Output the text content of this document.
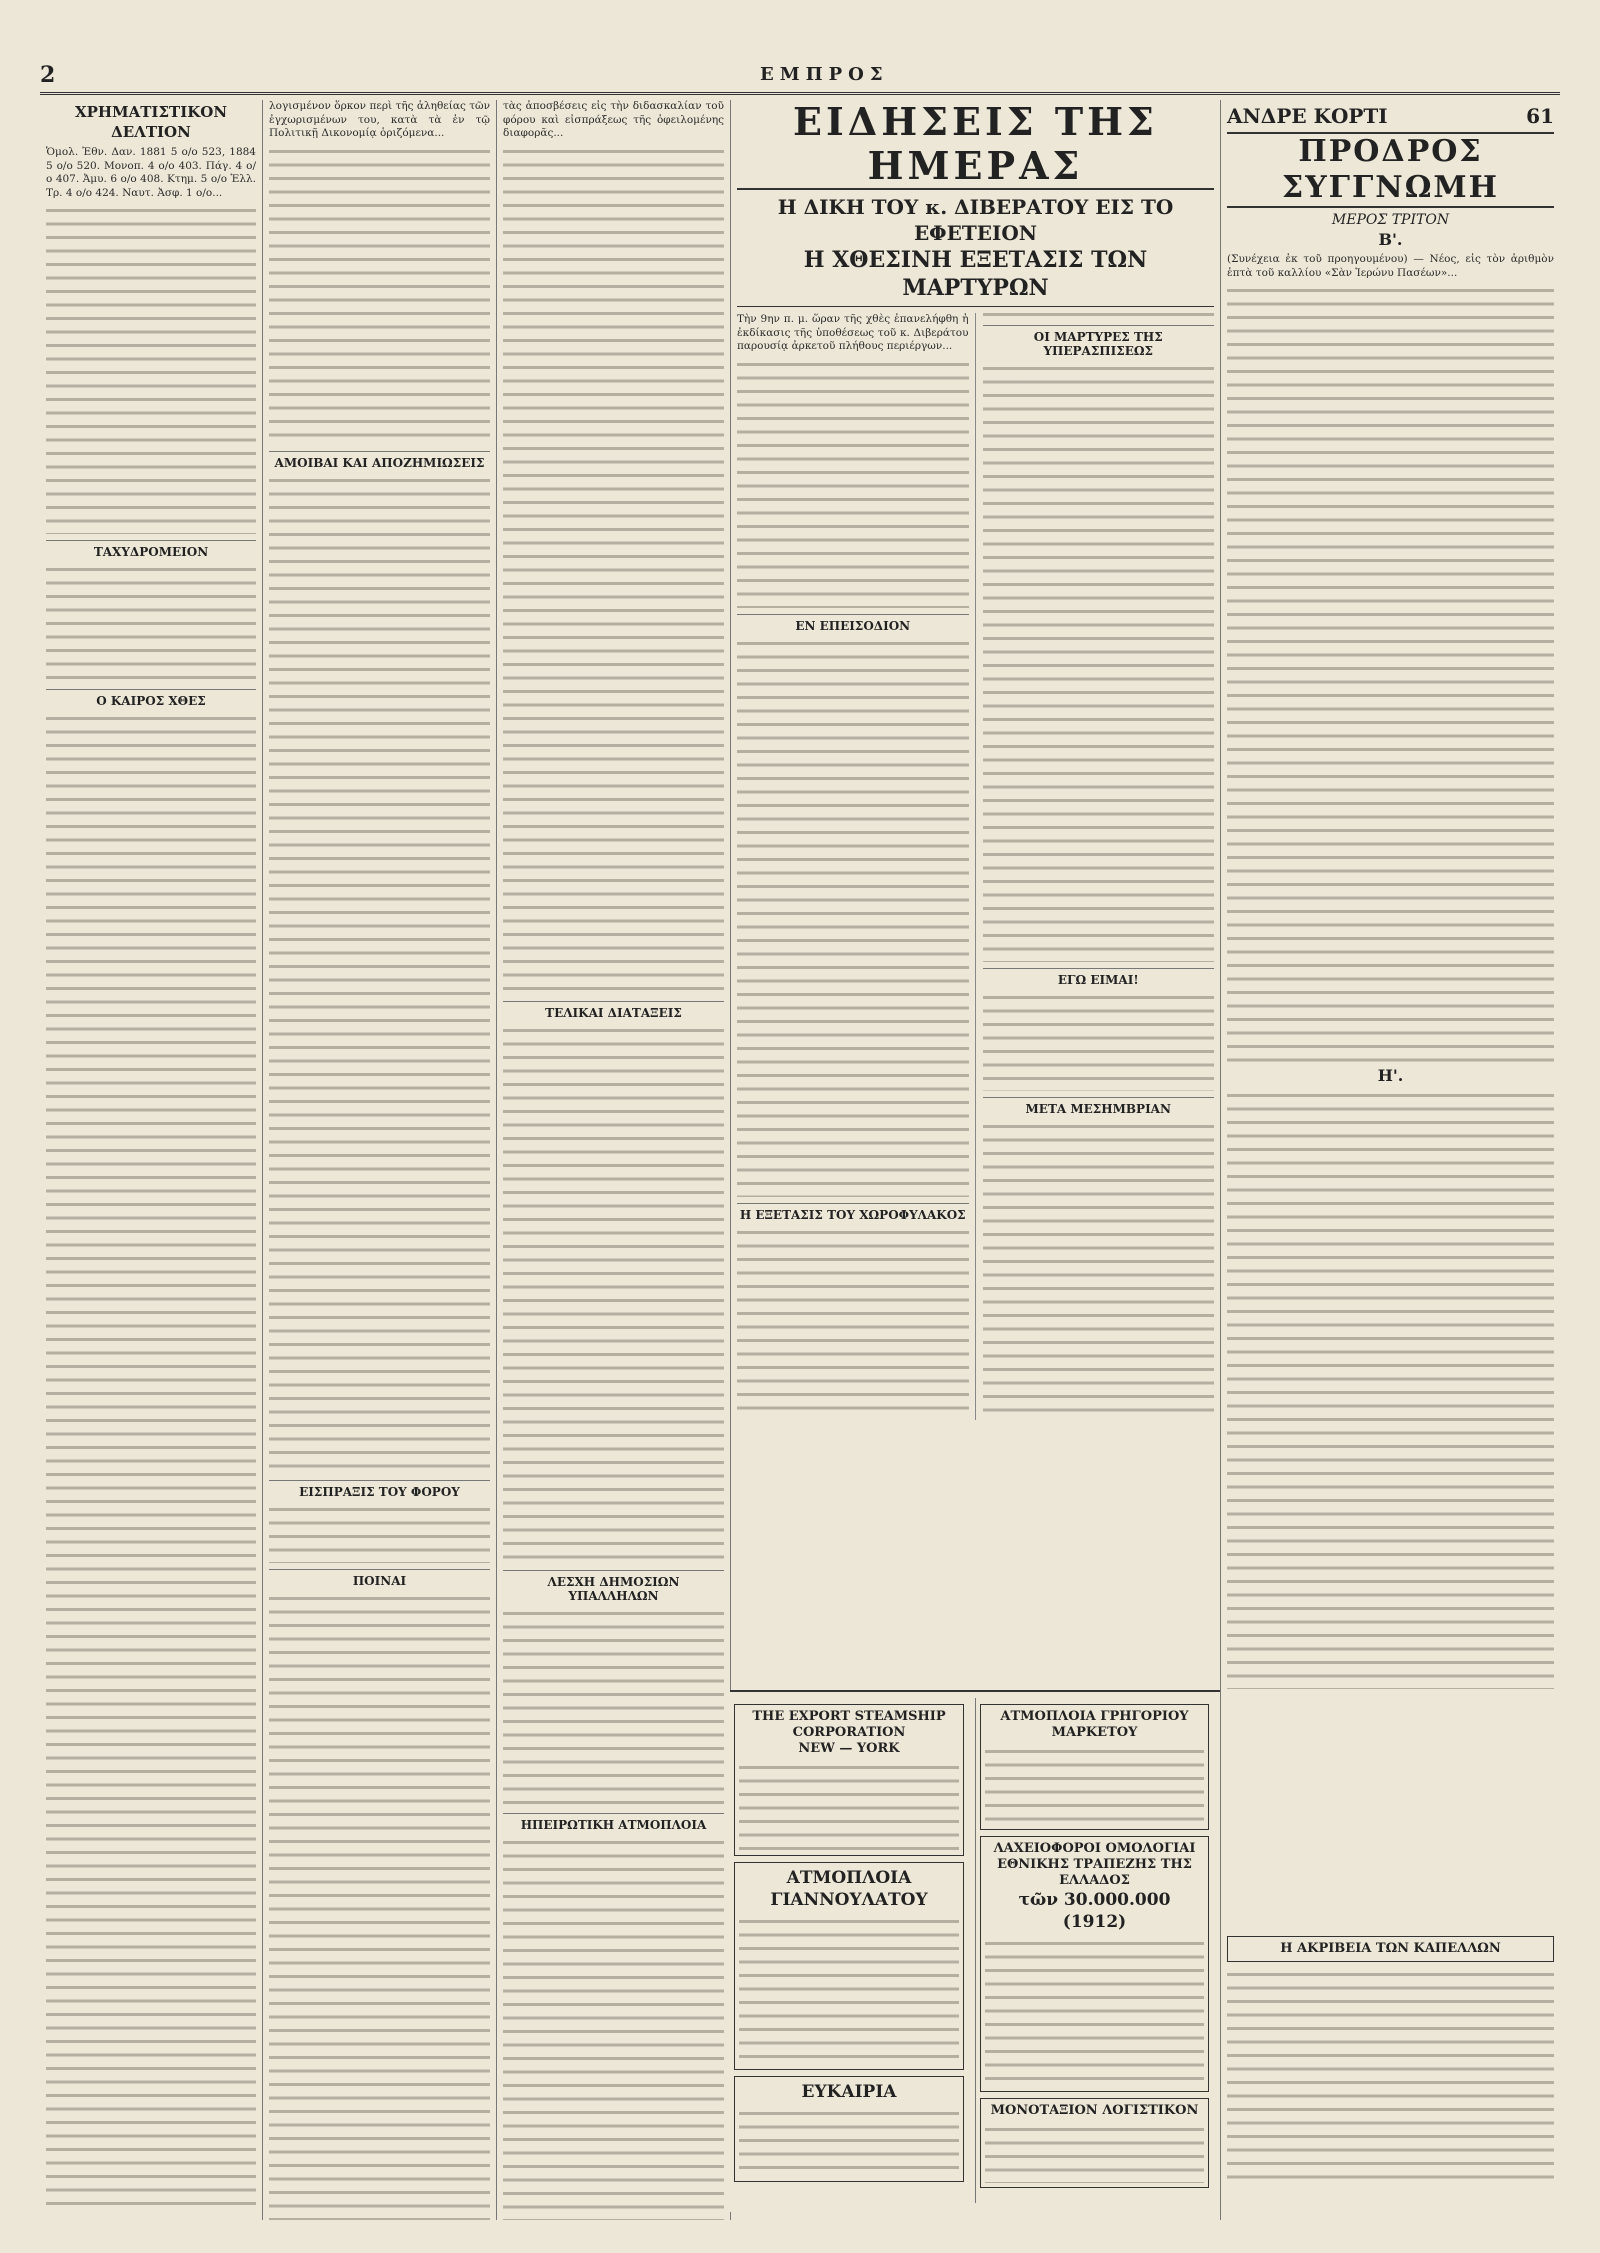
2	ΕΜΠΡΟΣ
ΧΡΗΜΑΤΙΣΤΙΚΟΝ ΔΕΛΤΙΟΝ

Ὁμολ. Ἐθν. Δαν. 1881 5 ο/ο 523, 1884 5 ο/ο 520. Μονοπ. 4 ο/ο 403. Πάγ. 4 ο/ο 407. Ἀμυ. 6 ο/ο 408. Κτημ. 5 ο/ο Ἑλλ. Τρ. 4 ο/ο 424. Ναυτ. Ἀσφ. 1 ο/ο...

ΤΑΧΥΔΡΟΜΕΙΟΝ
Ο ΚΑΙΡΟΣ ΧΘΕΣ

λογισμένον ὅρκον περὶ τῆς ἀληθείας τῶν ἐγχωρισμένων του, κατὰ τὰ ἐν τῷ Πολιτικῇ Δικονομίᾳ ὁριζόμενα...

ΑΜΟΙΒΑΙ ΚΑΙ ΑΠΟΖΗΜΙΩΣΕΙΣ
ΕΙΣΠΡΑΞΙΣ ΤΟΥ ΦΟΡΟΥ
ΠΟΙΝΑΙ

τὰς ἀποσβέσεις εἰς τὴν διδασκαλίαν τοῦ φόρου καὶ εἰσπράξεως τῆς ὀφειλομένης διαφορᾶς...

ΤΕΛΙΚΑΙ ΔΙΑΤΑΞΕΙΣ
ΛΕΣΧΗ ΔΗΜΟΣΙΩΝ ΥΠΑΛΛΗΛΩΝ
ΗΠΕΙΡΩΤΙΚΗ ΑΤΜΟΠΛΟΙΑ
ΕΙΔΗΣΕΙΣ ΤΗΣ ΗΜΕΡΑΣ
Η ΔΙΚΗ ΤΟΥ κ. ΔΙΒΕΡΑΤΟΥ ΕΙΣ ΤΟ ΕΦΕΤΕΙΟΝ
Η ΧΘΕΣΙΝΗ ΕΞΕΤΑΣΙΣ ΤΩΝ ΜΑΡΤΥΡΩΝ

Τὴν 9ην π. μ. ὥραν τῆς χθὲς ἐπανελήφθη ἡ ἐκδίκασις τῆς ὑποθέσεως τοῦ κ. Διβεράτου παρουσίᾳ ἀρκετοῦ πλήθους περιέργων...

ΕΝ ΕΠΕΙΣΟΔΙΟΝ
Η ΕΞΕΤΑΣΙΣ ΤΟΥ ΧΩΡΟΦΥΛΑΚΟΣ
ΟΙ ΜΑΡΤΥΡΕΣ ΤΗΣ ΥΠΕΡΑΣΠΙΣΕΩΣ
ΕΓΩ ΕΙΜΑΙ!
ΜΕΤΑ ΜΕΣΗΜΒΡΙΑΝ
ΑΝΔΡΕ ΚΟΡΤΙ	61
ΠΡΟΔΡΟΣ ΣΥΓΓΝΩΜΗ
ΜΕΡΟΣ ΤΡΙΤΟΝ
Β'.

(Συνέχεια ἐκ τοῦ προηγουμένου) — Νέος, εἰς τὸν ἀριθμὸν ἑπτὰ τοῦ καλλίου «Σὰν Ἱερώνυ Πασέων»...

Η'.
Η ΑΚΡΙΒΕΙΑ ΤΩΝ ΚΑΠΕΛΛΩΝ
THE EXPORT STEAMSHIP CORPORATION
NEW — YORK
ΑΤΜΟΠΛΟΙΑ ΓΙΑΝΝΟΥΛΑΤΟΥ
ΕΥΚΑΙΡΙΑ
ΑΤΜΟΠΛΟΙΑ ΓΡΗΓΟΡΙΟΥ ΜΑΡΚΕΤΟΥ
ΛΑΧΕΙΟΦΟΡΟΙ ΟΜΟΛΟΓΙΑΙ ΕΘΝΙΚΗΣ ΤΡΑΠΕΖΗΣ ΤΗΣ ΕΛΛΑΔΟΣ
τῶν 30.000.000 (1912)
ΜΟΝΟΤΑΞΙΟΝ ΛΟΓΙΣΤΙΚΟΝ
